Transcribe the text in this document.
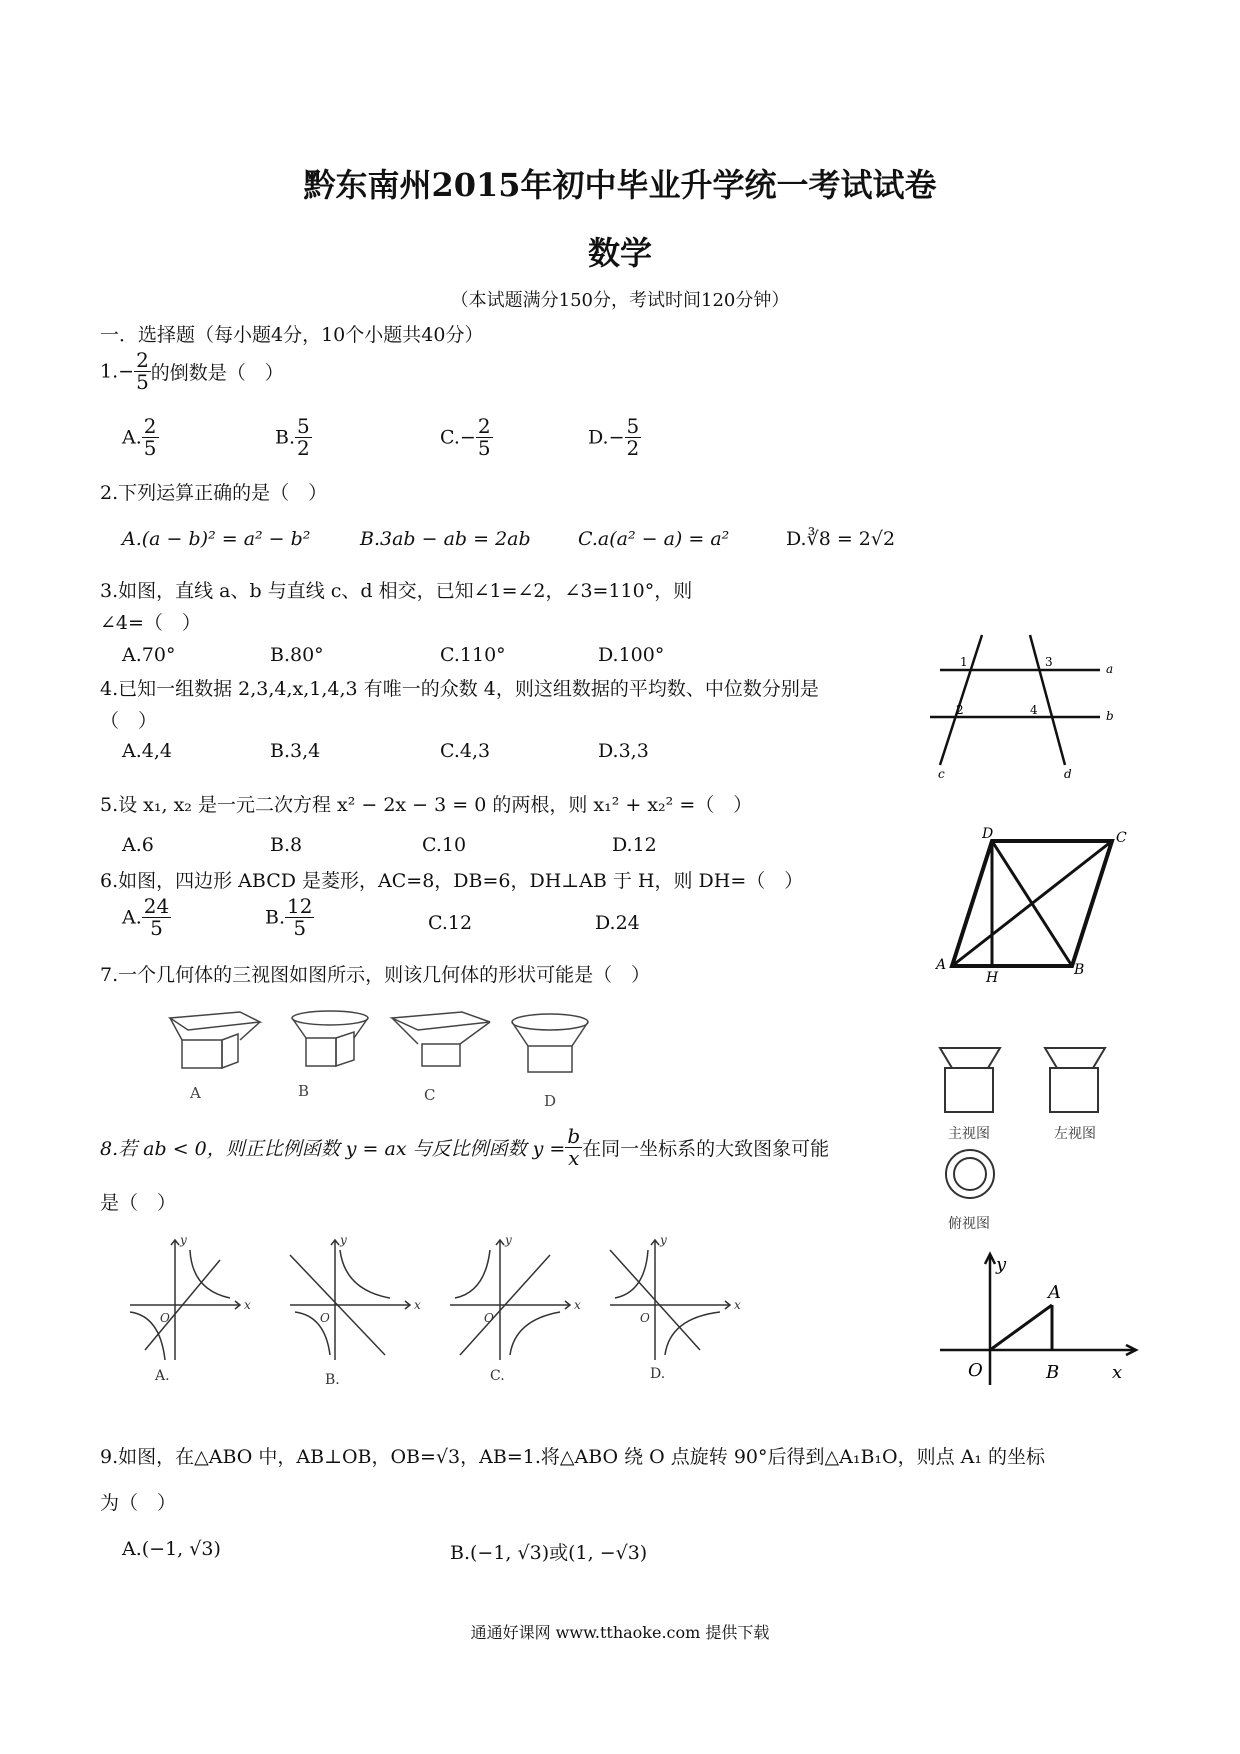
黔东南州2015年初中毕业升学统一考试试卷
数学
（本试题满分150分，考试时间120分钟）
一．选择题（每小题4分，10个小题共40分）
$1.- \frac{2}{5}$ 的倒数是（　）
A. $\frac{2}{5}$	B. $\frac{5}{2}$	$C.- \frac{2}{5}$	$D.- \frac{5}{2}$
2.下列运算正确的是（　）
A.(a − b)² = a² − b²	B.3ab − ab = 2ab C.a(a² − a) = a²	D.∛8 = 2√2
3.如图，直线 a、b 与直线 c、d 相交，已知∠1=∠2，∠3=110°，则
∠4=（　）
A.70°	B.80°	C.110°	D.100°	1
2
3
4
a
b
c	d
4.已知一组数据 2,3,4,x,1,4,3 有唯一的众数 4，则这组数据的平均数、中位数分别是
（　）
A.4,4	B.3,4	C.4,3	D.3,3
5.设 x₁, x₂ 是一元二次方程 x² − 2x − 3 = 0 的两根，则 x₁² + x₂² =（　）
A.6	B.8	C.10	D.12
6.如图，四边形 ABCD 是菱形，AC=8，DB=6，DH⊥AB 于 H，则 DH=（　）
A. $\frac{24}{5}$	B. $\frac{12}{5}$	C.12	D.24
D	C
A	B
H
7.一个几何体的三视图如图所示，则该几何体的形状可能是（　）
A	B	C	D
主视图	左视图
俯视图
8.若 ab < 0，则正比例函数 y = ax 与反比例函数 $y = \frac{b}{x}$ 在同一坐标系的大致图象可能
是（　）
y
x
O
y
x
O
y
x
O
y
x
O
A.	B.	C.	D.
y
x
A
B
O
9.如图，在△ABO 中，AB⊥OB，OB=√3，AB=1.将△ABO 绕 O 点旋转 90°后得到△A₁B₁O，则点 A₁ 的坐标
为（　）
A.(−1, √3)	B.(−1, √3)或(1, −√3)
通通好课网 www.tthaoke.com 提供下载
